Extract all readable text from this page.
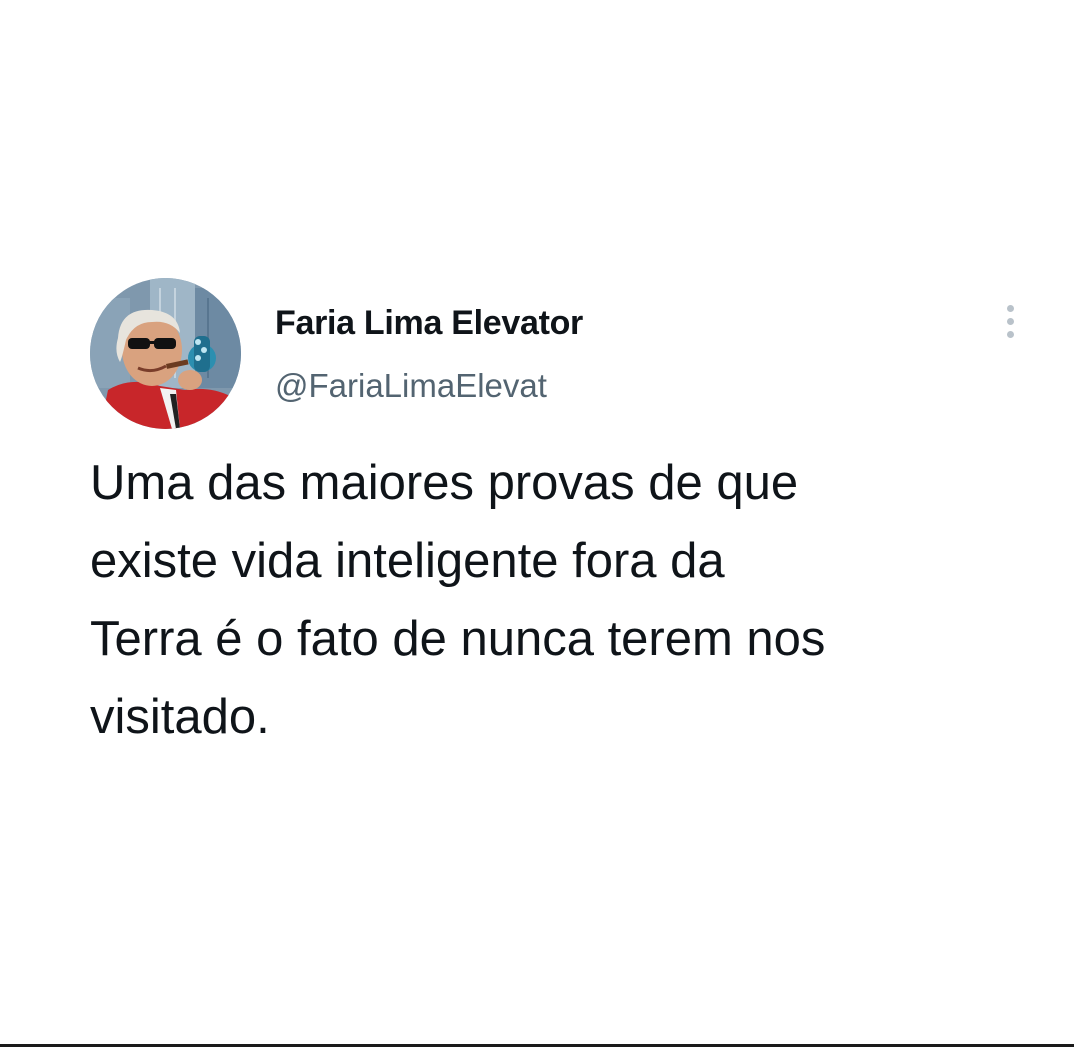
Faria Lima Elevator
@FariaLimaElevat
Uma das maiores provas de que
existe vida inteligente fora da
Terra é o fato de nunca terem nos
visitado.
